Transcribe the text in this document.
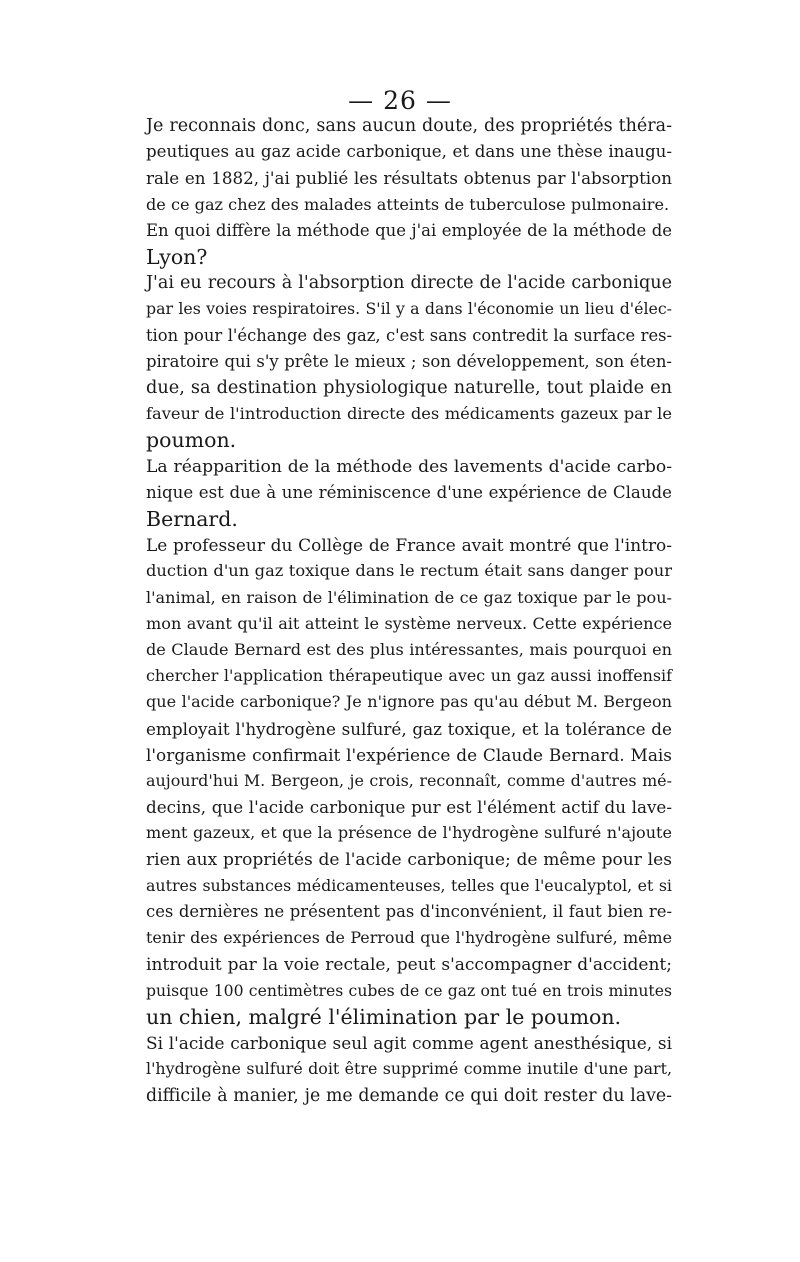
— 26 —
Je reconnais donc, sans aucun doute, des propriétés théra-
peutiques au gaz acide carbonique, et dans une thèse inaugu-
rale en 1882, j'ai publié les résultats obtenus par l'absorption
de ce gaz chez des malades atteints de tuberculose pulmonaire.
En quoi diffère la méthode que j'ai employée de la méthode de
Lyon?
J'ai eu recours à l'absorption directe de l'acide carbonique
par les voies respiratoires. S'il y a dans l'économie un lieu d'élec-
tion pour l'échange des gaz, c'est sans contredit la surface res-
piratoire qui s'y prête le mieux ; son développement, son éten-
due, sa destination physiologique naturelle, tout plaide en
faveur de l'introduction directe des médicaments gazeux par le
poumon.
La réapparition de la méthode des lavements d'acide carbo-
nique est due à une réminiscence d'une expérience de Claude
Bernard.
Le professeur du Collège de France avait montré que l'intro-
duction d'un gaz toxique dans le rectum était sans danger pour
l'animal, en raison de l'élimination de ce gaz toxique par le pou-
mon avant qu'il ait atteint le système nerveux. Cette expérience
de Claude Bernard est des plus intéressantes, mais pourquoi en
chercher l'application thérapeutique avec un gaz aussi inoffensif
que l'acide carbonique? Je n'ignore pas qu'au début M. Bergeon
employait l'hydrogène sulfuré, gaz toxique, et la tolérance de
l'organisme confirmait l'expérience de Claude Bernard. Mais
aujourd'hui M. Bergeon, je crois, reconnaît, comme d'autres mé-
decins, que l'acide carbonique pur est l'élément actif du lave-
ment gazeux, et que la présence de l'hydrogène sulfuré n'ajoute
rien aux propriétés de l'acide carbonique; de même pour les
autres substances médicamenteuses, telles que l'eucalyptol, et si
ces dernières ne présentent pas d'inconvénient, il faut bien re-
tenir des expériences de Perroud que l'hydrogène sulfuré, même
introduit par la voie rectale, peut s'accompagner d'accident;
puisque 100 centimètres cubes de ce gaz ont tué en trois minutes
un chien, malgré l'élimination par le poumon.
Si l'acide carbonique seul agit comme agent anesthésique, si
l'hydrogène sulfuré doit être supprimé comme inutile d'une part,
difficile à manier, je me demande ce qui doit rester du lave-
